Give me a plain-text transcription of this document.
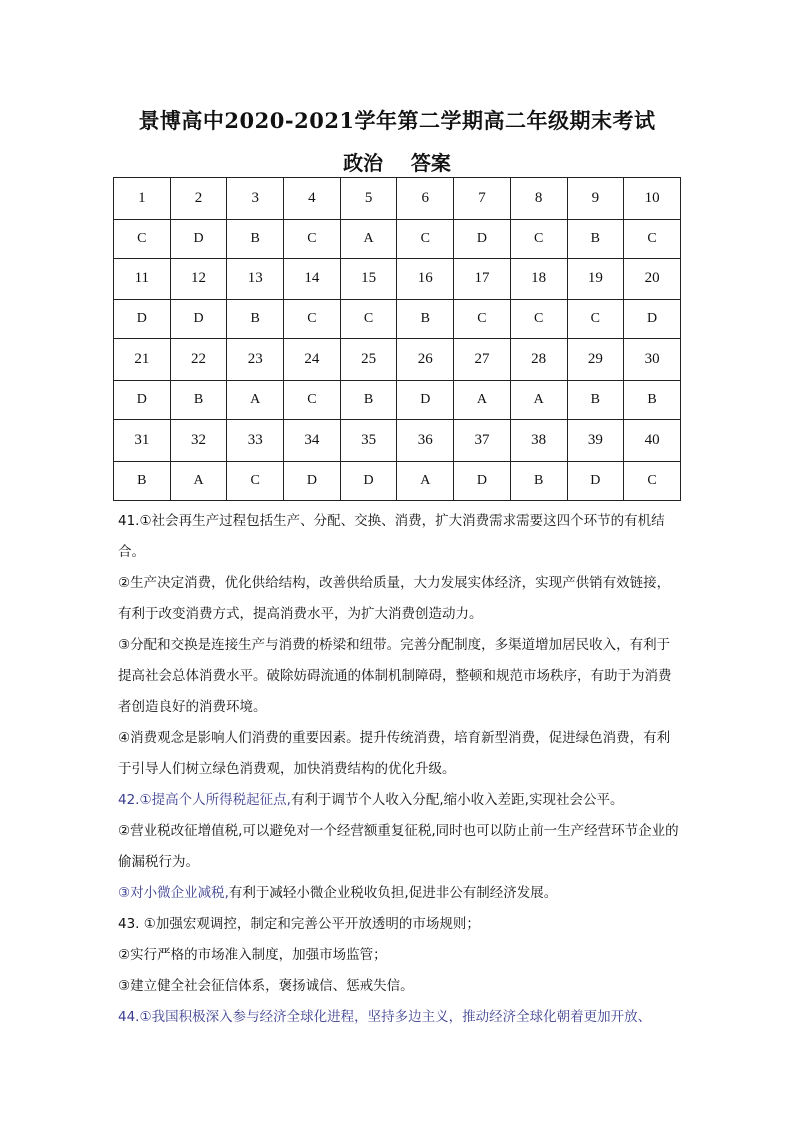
景博高中2020-2021学年第二学期高二年级期末考试
政治    答案
1	2	3	4	5	6	7	8	9	10
C	D	B	C	A	C	D	C	B	C
11	12	13	14	15	16	17	18	19	20
D	D	B	C	C	B	C	C	C	D
21	22	23	24	25	26	27	28	29	30
D	B	A	C	B	D	A	A	B	B
31	32	33	34	35	36	37	38	39	40
B	A	C	D	D	A	D	B	D	C

41.①社会再生产过程包括生产、分配、交换、消费，扩大消费需求需要这四个环节的有机结合。

②生产决定消费，优化供给结构，改善供给质量，大力发展实体经济，实现产供销有效链接，有利于改变消费方式，提高消费水平，为扩大消费创造动力。

③分配和交换是连接生产与消费的桥梁和纽带。完善分配制度，多渠道增加居民收入，有利于提高社会总体消费水平。破除妨碍流通的体制机制障碍，整顿和规范市场秩序，有助于为消费者创造良好的消费环境。

④消费观念是影响人们消费的重要因素。提升传统消费，培育新型消费，促进绿色消费，有利于引导人们树立绿色消费观，加快消费结构的优化升级。

42.①提高个人所得税起征点,有利于调节个人收入分配,缩小收入差距,实现社会公平。

②营业税改征增值税,可以避免对一个经营额重复征税,同时也可以防止前一生产经营环节企业的偷漏税行为。

③对小微企业减税,有利于减轻小微企业税收负担,促进非公有制经济发展。

43. ①加强宏观调控，制定和完善公平开放透明的市场规则；

②实行严格的市场准入制度，加强市场监管；

③建立健全社会征信体系，褒扬诚信、惩戒失信。

44.①我国积极深入参与经济全球化进程，坚持多边主义，推动经济全球化朝着更加开放、
